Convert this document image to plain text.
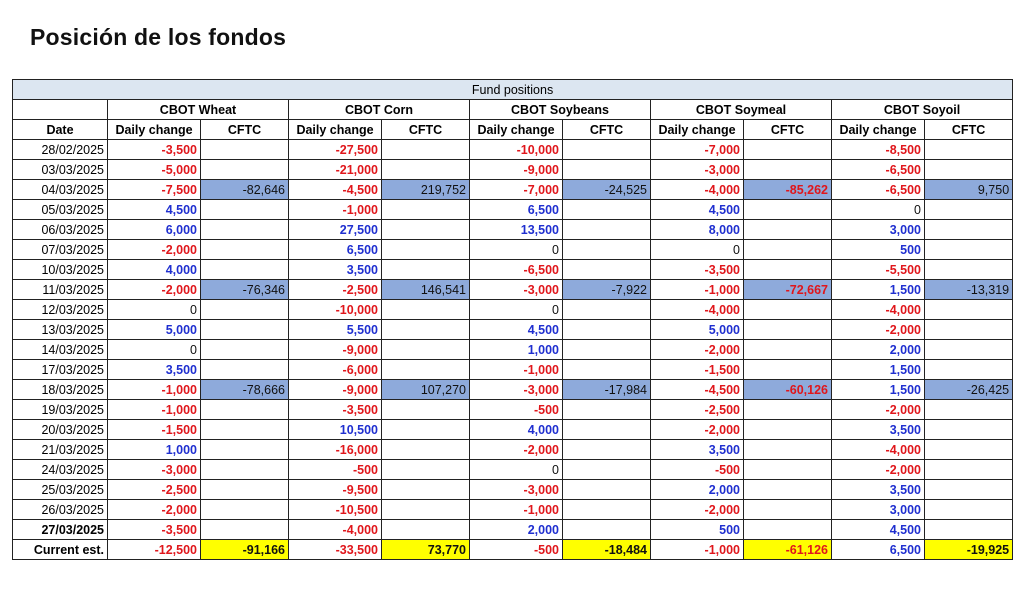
Posición de los fondos
Fund positions										
	CBOT Wheat		CBOT Corn		CBOT Soybeans		CBOT Soymeal		CBOT Soyoil	
Date	Daily change	CFTC	Daily change	CFTC	Daily change	CFTC	Daily change	CFTC	Daily change	CFTC
28/02/2025	-3,500		-27,500		-10,000		-7,000		-8,500	
03/03/2025	-5,000		-21,000		-9,000		-3,000		-6,500	
04/03/2025	-7,500	-82,646	-4,500	219,752	-7,000	-24,525	-4,000	-85,262	-6,500	9,750
05/03/2025	4,500		-1,000		6,500		4,500		0	
06/03/2025	6,000		27,500		13,500		8,000		3,000	
07/03/2025	-2,000		6,500		0		0		500	
10/03/2025	4,000		3,500		-6,500		-3,500		-5,500	
11/03/2025	-2,000	-76,346	-2,500	146,541	-3,000	-7,922	-1,000	-72,667	1,500	-13,319
12/03/2025	0		-10,000		0		-4,000		-4,000	
13/03/2025	5,000		5,500		4,500		5,000		-2,000	
14/03/2025	0		-9,000		1,000		-2,000		2,000	
17/03/2025	3,500		-6,000		-1,000		-1,500		1,500	
18/03/2025	-1,000	-78,666	-9,000	107,270	-3,000	-17,984	-4,500	-60,126	1,500	-26,425
19/03/2025	-1,000		-3,500		-500		-2,500		-2,000	
20/03/2025	-1,500		10,500		4,000		-2,000		3,500	
21/03/2025	1,000		-16,000		-2,000		3,500		-4,000	
24/03/2025	-3,000		-500		0		-500		-2,000	
25/03/2025	-2,500		-9,500		-3,000		2,000		3,500	
26/03/2025	-2,000		-10,500		-1,000		-2,000		3,000	
27/03/2025	-3,500		-4,000		2,000		500		4,500	
Current est.	-12,500	-91,166	-33,500	73,770	-500	-18,484	-1,000	-61,126	6,500	-19,925
